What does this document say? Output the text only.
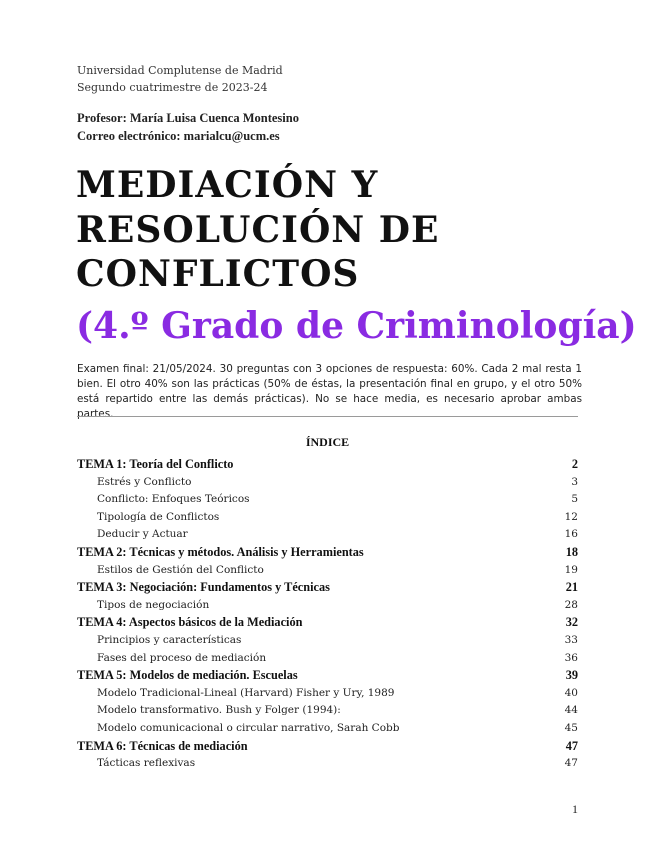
Universidad Complutense de Madrid
Segundo cuatrimestre de 2023-24
Profesor: María Luisa Cuenca Montesino
Correo electrónico: marialcu@ucm.es
MEDIACIÓN Y
RESOLUCIÓN DE
CONFLICTOS
(4.º Grado de Criminología)
Examen final: 21/05/2024. 30 preguntas con 3 opciones de respuesta: 60%. Cada 2 mal resta 1 bien. El otro 40% son las prácticas (50% de éstas, la presentación final en grupo, y el otro 50% está repartido entre las demás prácticas). No se hace media, es necesario aprobar ambas partes.
ÍNDICE
TEMA 1: Teoría del Conflicto	2
Estrés y Conflicto	3
Conflicto: Enfoques Teóricos	5
Tipología de Conflictos	12
Deducir y Actuar	16
TEMA 2: Técnicas y métodos. Análisis y Herramientas	18
Estilos de Gestión del Conflicto	19
TEMA 3: Negociación: Fundamentos y Técnicas	21
Tipos de negociación	28
TEMA 4: Aspectos básicos de la Mediación	32
Principios y características	33
Fases del proceso de mediación	36
TEMA 5: Modelos de mediación. Escuelas	39
Modelo Tradicional-Lineal (Harvard) Fisher y Ury, 1989	40
Modelo transformativo. Bush y Folger (1994):	44
Modelo comunicacional o circular narrativo, Sarah Cobb	45
TEMA 6: Técnicas de mediación	47
Tácticas reflexivas	47
1
